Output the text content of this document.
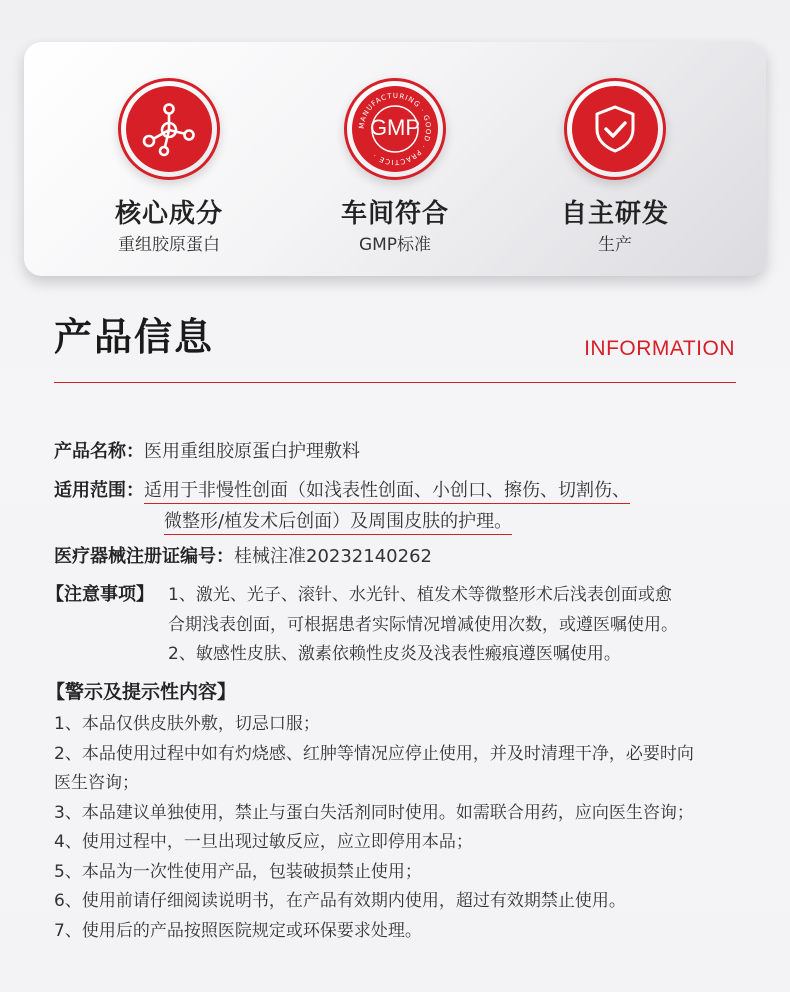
核心成分
重组胶原蛋白
MANUFACTURING · GOOD · PRACTICE ·
GMP
车间符合
GMP标准
自主研发
生产
产品信息	INFORMATION
产品名称：医用重组胶原蛋白护理敷料
适用范围：适用于非慢性创面（如浅表性创面、小创口、擦伤、切割伤、
微整形/植发术后创面）及周围皮肤的护理。
医疗器械注册证编号：桂械注准20232140262
【注意事项】 1、激光、光子、滚针、水光针、植发术等微整形术后浅表创面或愈
合期浅表创面，可根据患者实际情况增减使用次数，或遵医嘱使用。
2、敏感性皮肤、激素依赖性皮炎及浅表性瘢痕遵医嘱使用。
【警示及提示性内容】
1、本品仅供皮肤外敷，切忌口服；
2、本品使用过程中如有灼烧感、红肿等情况应停止使用，并及时清理干净，必要时向
医生咨询；
3、本品建议单独使用，禁止与蛋白失活剂同时使用。如需联合用药，应向医生咨询；
4、使用过程中，一旦出现过敏反应，应立即停用本品；
5、本品为一次性使用产品，包装破损禁止使用；
6、使用前请仔细阅读说明书，在产品有效期内使用，超过有效期禁止使用。
7、使用后的产品按照医院规定或环保要求处理。
